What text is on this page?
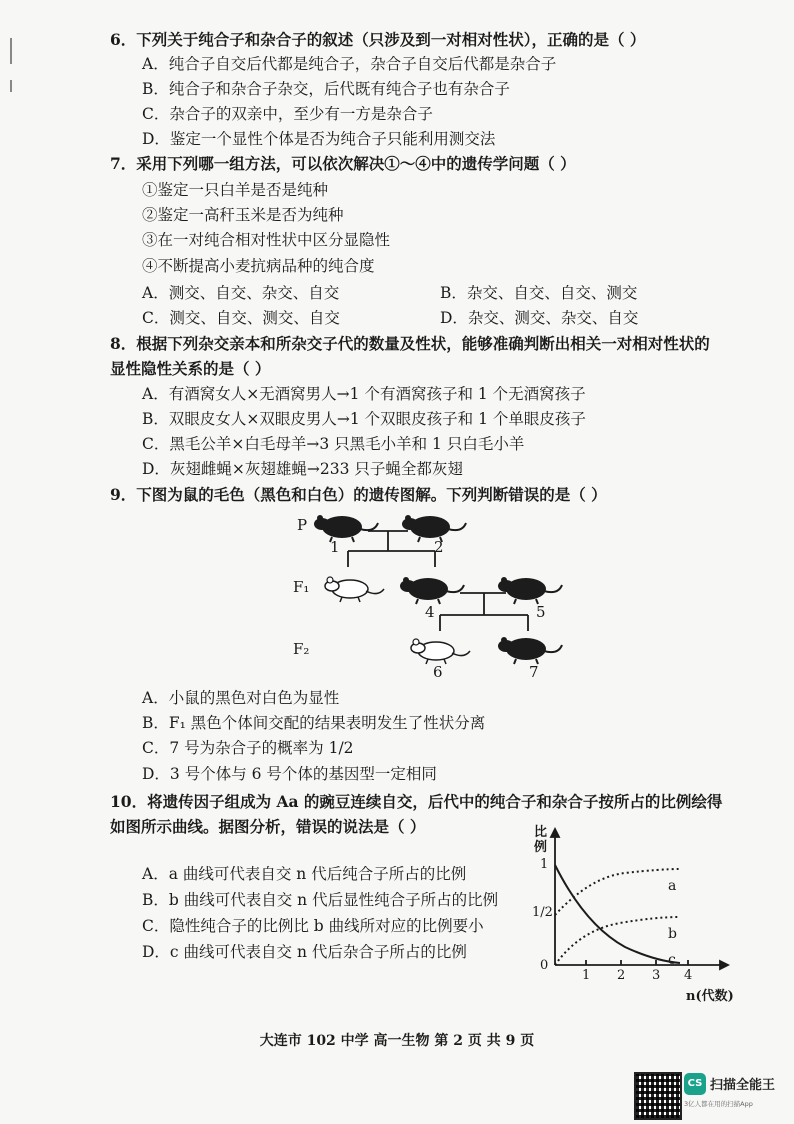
6．下列关于纯合子和杂合子的叙述（只涉及到一对相对性状），正确的是（ ）
A．纯合子自交后代都是纯合子，杂合子自交后代都是杂合子
B．纯合子和杂合子杂交，后代既有纯合子也有杂合子
C．杂合子的双亲中，至少有一方是杂合子
D．鉴定一个显性个体是否为纯合子只能利用测交法
7．采用下列哪一组方法，可以依次解决①～④中的遗传学问题（ ）
①鉴定一只白羊是否是纯种
②鉴定一高秆玉米是否为纯种
③在一对纯合相对性状中区分显隐性
④不断提高小麦抗病品种的纯合度
A．测交、自交、杂交、自交	B．杂交、自交、自交、测交
C．测交、自交、测交、自交	D．杂交、测交、杂交、自交
8．根据下列杂交亲本和所杂交子代的数量及性状，能够准确判断出相关一对相对性状的
显性隐性关系的是（ ）
A．有酒窝女人×无酒窝男人→1 个有酒窝孩子和 1 个无酒窝孩子
B．双眼皮女人×双眼皮男人→1 个双眼皮孩子和 1 个单眼皮孩子
C．黑毛公羊×白毛母羊→3 只黑毛小羊和 1 只白毛小羊
D．灰翅雌蝇×灰翅雄蝇→233 只子蝇全都灰翅
9．下图为鼠的毛色（黑色和白色）的遗传图解。下列判断错误的是（ ）
P
F₁
F₂
1	2
4	5
6	7
A．小鼠的黑色对白色为显性
B．F₁ 黑色个体间交配的结果表明发生了性状分离
C．7 号为杂合子的概率为 1/2
D．3 号个体与 6 号个体的基因型一定相同
10．将遗传因子组成为 Aa 的豌豆连续自交，后代中的纯合子和杂合子按所占的比例绘得
如图所示曲线。据图分析，错误的说法是（ ）
A．a 曲线可代表自交 n 代后纯合子所占的比例
B．b 曲线可代表自交 n 代后显性纯合子所占的比例
C．隐性纯合子的比例比 b 曲线所对应的比例要小
D．c 曲线可代表自交 n 代后杂合子所占的比例
比例
1
1/2
0
1 2 3 4
a
b
c
n(代数)
大连市 102 中学 高一生物 第 2 页 共 9 页
CS 扫描全能王
3亿人都在用的扫描App
